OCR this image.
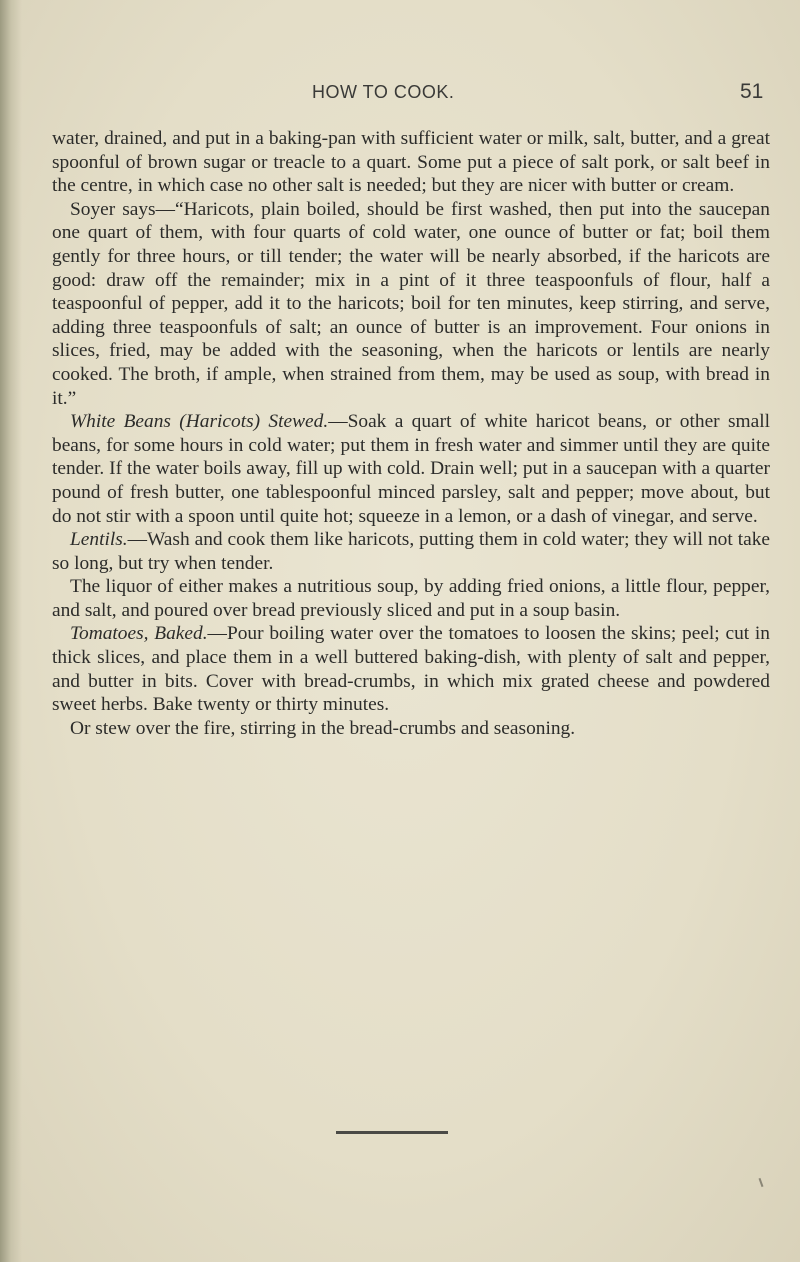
HOW TO COOK.	51

water, drained, and put in a baking-pan with sufficient water or milk, salt, butter, and a great spoonful of brown sugar or treacle to a quart. Some put a piece of salt pork, or salt beef in the centre, in which case no other salt is needed; but they are nicer with butter or cream.

Soyer says—“Haricots, plain boiled, should be first washed, then put into the saucepan one quart of them, with four quarts of cold water, one ounce of butter or fat; boil them gently for three hours, or till tender; the water will be nearly absorbed, if the haricots are good: draw off the remainder; mix in a pint of it three teaspoonfuls of flour, half a teaspoonful of pepper, add it to the haricots; boil for ten minutes, keep stirring, and serve, adding three teaspoonfuls of salt; an ounce of butter is an improvement. Four onions in slices, fried, may be added with the seasoning, when the haricots or lentils are nearly cooked. The broth, if ample, when strained from them, may be used as soup, with bread in it.”

White Beans (Haricots) Stewed.—Soak a quart of white haricot beans, or other small beans, for some hours in cold water; put them in fresh water and simmer until they are quite tender. If the water boils away, fill up with cold. Drain well; put in a saucepan with a quarter pound of fresh butter, one tablespoonful minced parsley, salt and pepper; move about, but do not stir with a spoon until quite hot; squeeze in a lemon, or a dash of vinegar, and serve.

Lentils.—Wash and cook them like haricots, putting them in cold water; they will not take so long, but try when tender.

The liquor of either makes a nutritious soup, by adding fried onions, a little flour, pepper, and salt, and poured over bread previously sliced and put in a soup basin.

Tomatoes, Baked.—Pour boiling water over the tomatoes to loosen the skins; peel; cut in thick slices, and place them in a well buttered baking-dish, with plenty of salt and pepper, and butter in bits. Cover with bread-crumbs, in which mix grated cheese and powdered sweet herbs. Bake twenty or thirty minutes.

Or stew over the fire, stirring in the bread-crumbs and seasoning.
